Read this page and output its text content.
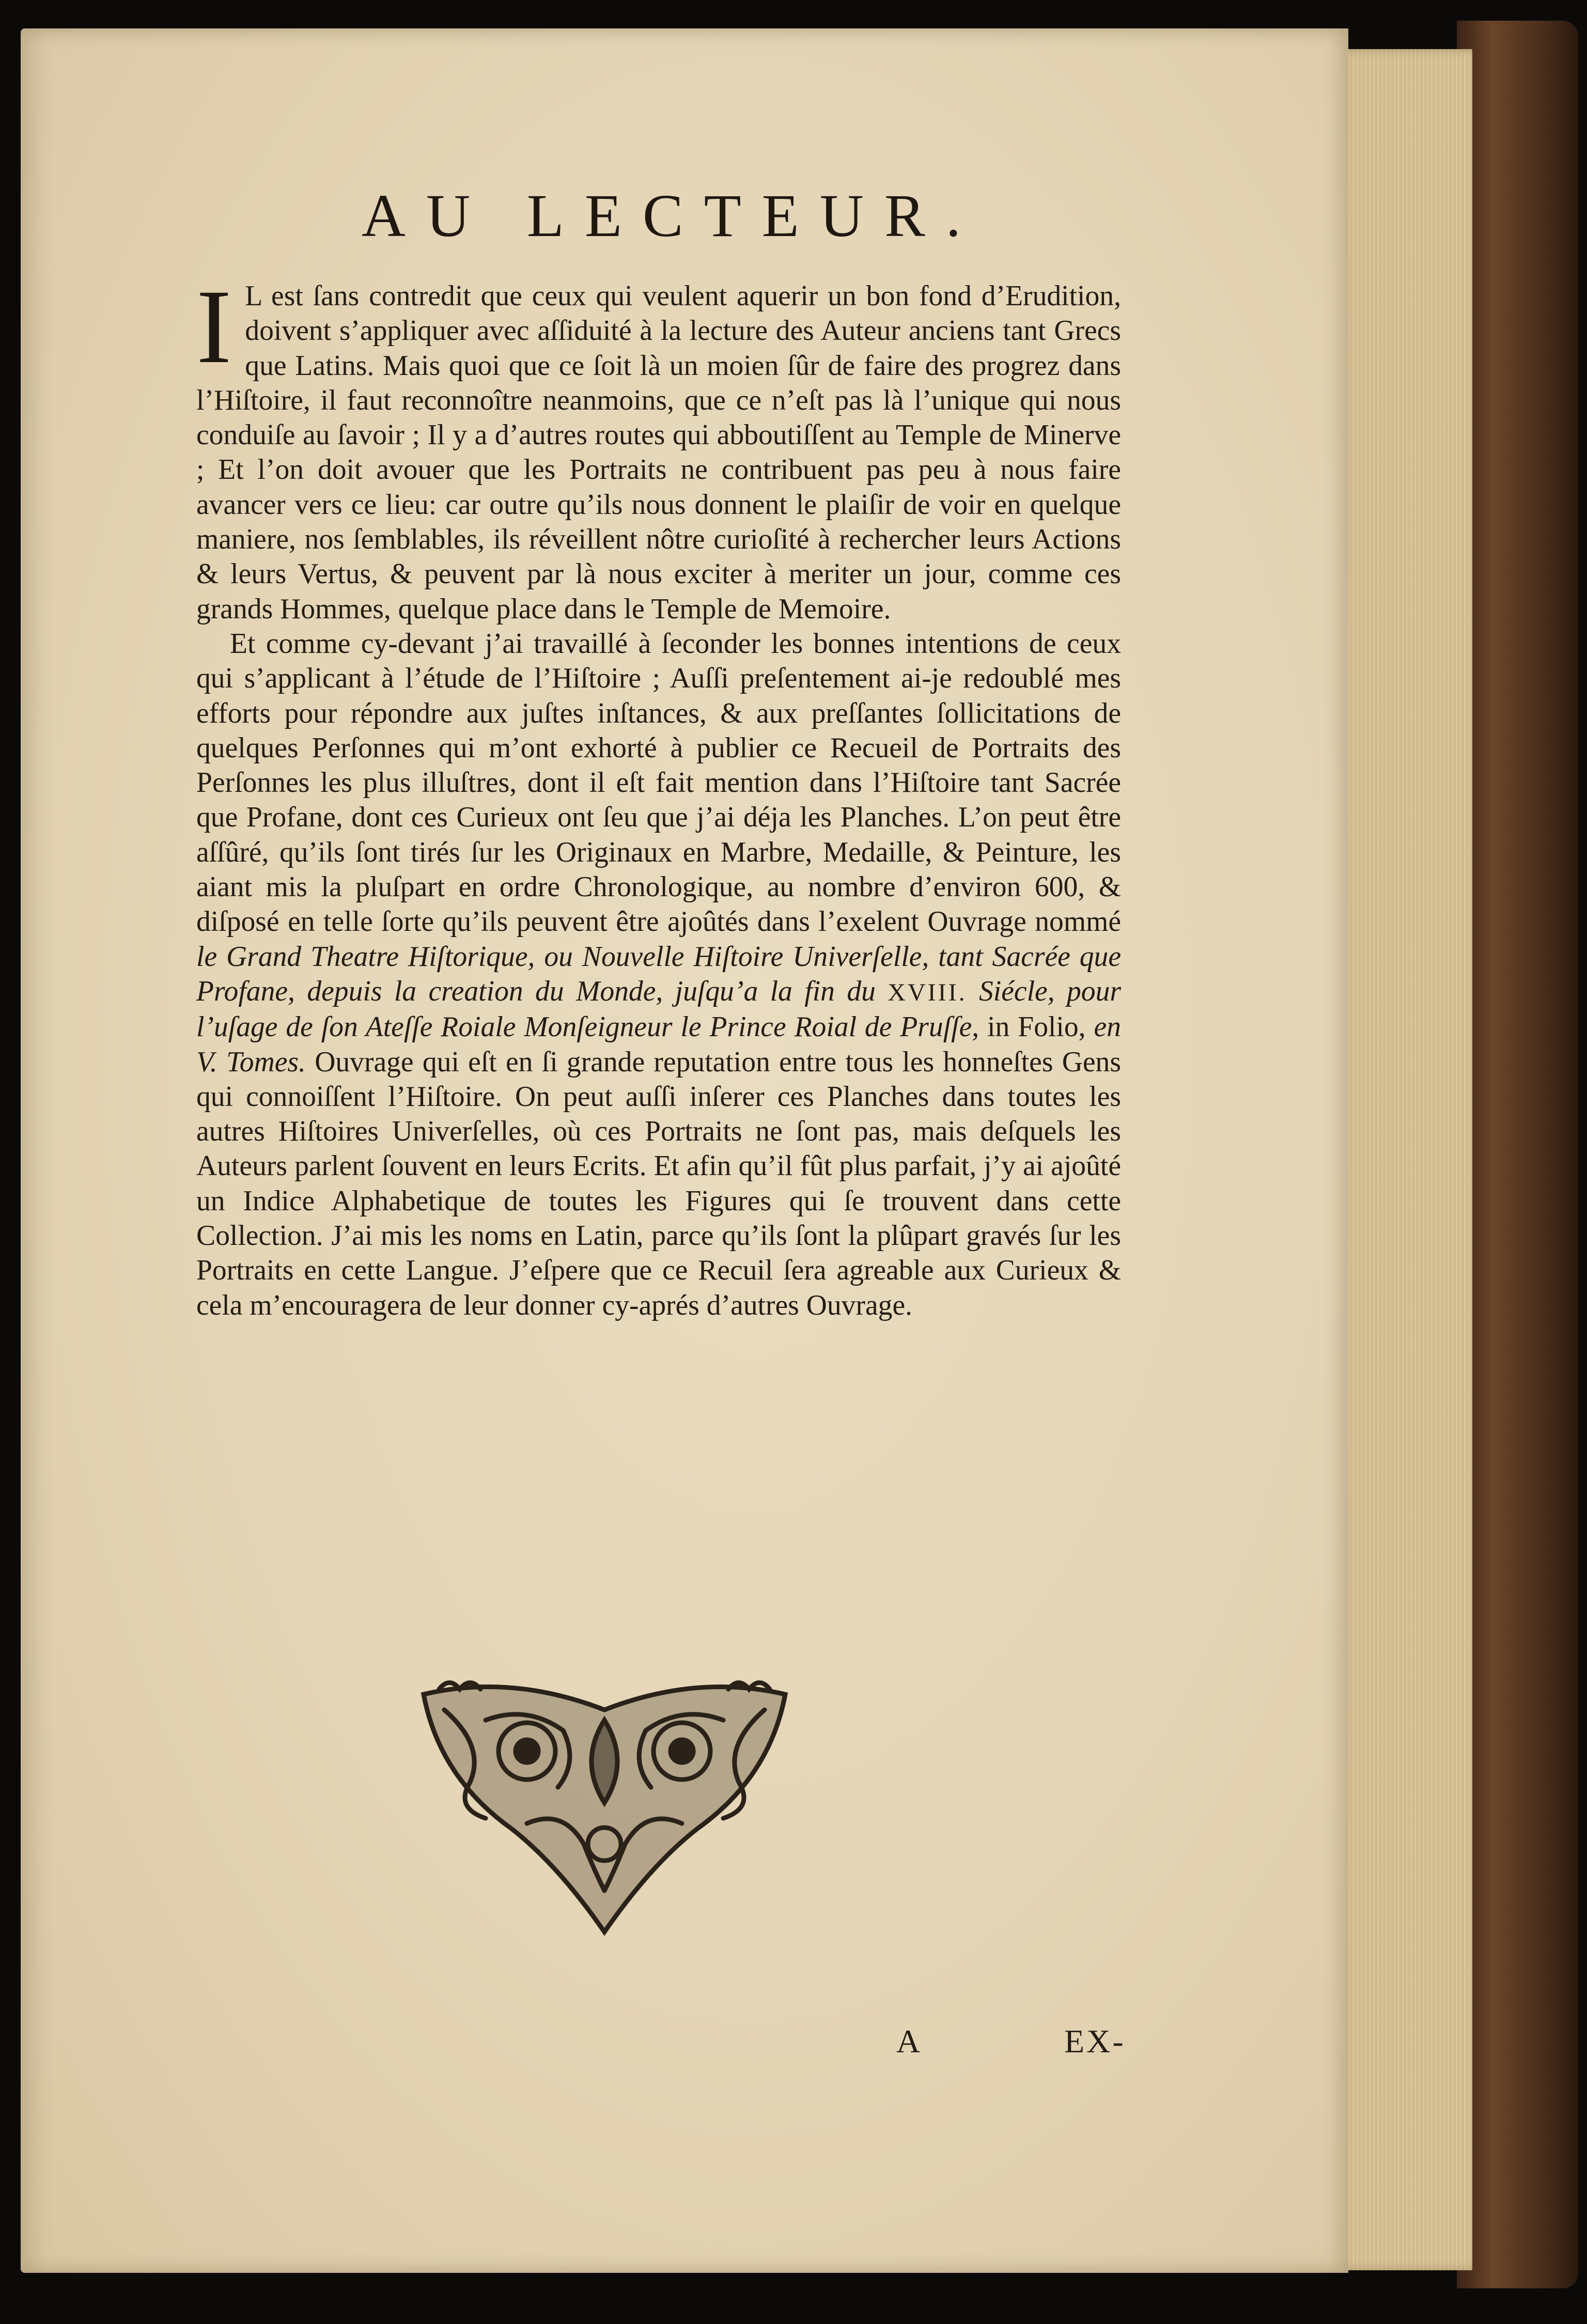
AU LECTEUR.

I L est ſans contredit que ceux qui veulent aquerir un bon fond d’Erudition, doivent s’appliquer avec aſſiduité à la lecture des Auteur anciens tant Grecs que Latins. Mais quoi que ce ſoit là un moien ſûr de faire des progrez dans l’Hiſtoire, il faut reconnoître neanmoins, que ce n’eſt pas là l’unique qui nous conduiſe au ſavoir ; Il y a d’autres routes qui abboutiſſent au Temple de Minerve ; Et l’on doit avouer que les Portraits ne contribuent pas peu à nous faire avancer vers ce lieu: car outre qu’ils nous donnent le plaiſir de voir en quelque maniere, nos ſemblables, ils réveillent nôtre curioſité à rechercher leurs Actions & leurs Vertus, & peuvent par là nous exciter à meriter un jour, comme ces grands Hommes, quelque place dans le Temple de Memoire.

Et comme cy-devant j’ai travaillé à ſeconder les bonnes intentions de ceux qui s’applicant à l’étude de l’Hiſtoire ; Auſſi preſentement ai-je redoublé mes efforts pour répondre aux juſtes inſtances, & aux preſſantes ſollicitations de quelques Perſonnes qui m’ont exhorté à publier ce Recueil de Portraits des Perſonnes les plus illuſtres, dont il eſt fait mention dans l’Hiſtoire tant Sacrée que Profane, dont ces Curieux ont ſeu que j’ai déja les Planches. L’on peut être aſſûré, qu’ils ſont tirés ſur les Originaux en Marbre, Medaille, & Peinture, les aiant mis la pluſpart en ordre Chronologique, au nombre d’environ 600, & diſposé en telle ſorte qu’ils peuvent être ajoûtés dans l’exelent Ouvrage nommé le Grand Theatre Hiſtorique, ou Nouvelle Hiſtoire Univerſelle, tant Sacrée que Profane, depuis la creation du Monde, juſqu’a la fin du XVIII. Siécle, pour l’uſage de ſon Ateſſe Roiale Monſeigneur le Prince Roial de Pruſſe, in Folio, en V. Tomes. Ouvrage qui eſt en ſi grande reputation entre tous les honneſtes Gens qui connoiſſent l’Hiſtoire. On peut auſſi inſerer ces Planches dans toutes les autres Hiſtoires Univerſelles, où ces Portraits ne ſont pas, mais deſquels les Auteurs parlent ſouvent en leurs Ecrits. Et afin qu’il fût plus parfait, j’y ai ajoûté un Indice Alphabetique de toutes les Figures qui ſe trouvent dans cette Collection. J’ai mis les noms en Latin, parce qu’ils ſont la plûpart gravés ſur les Portraits en cette Langue. J’eſpere que ce Recuil ſera agreable aux Curieux & cela m’encouragera de leur donner cy-aprés d’autres Ouvrage.

A	EX-
